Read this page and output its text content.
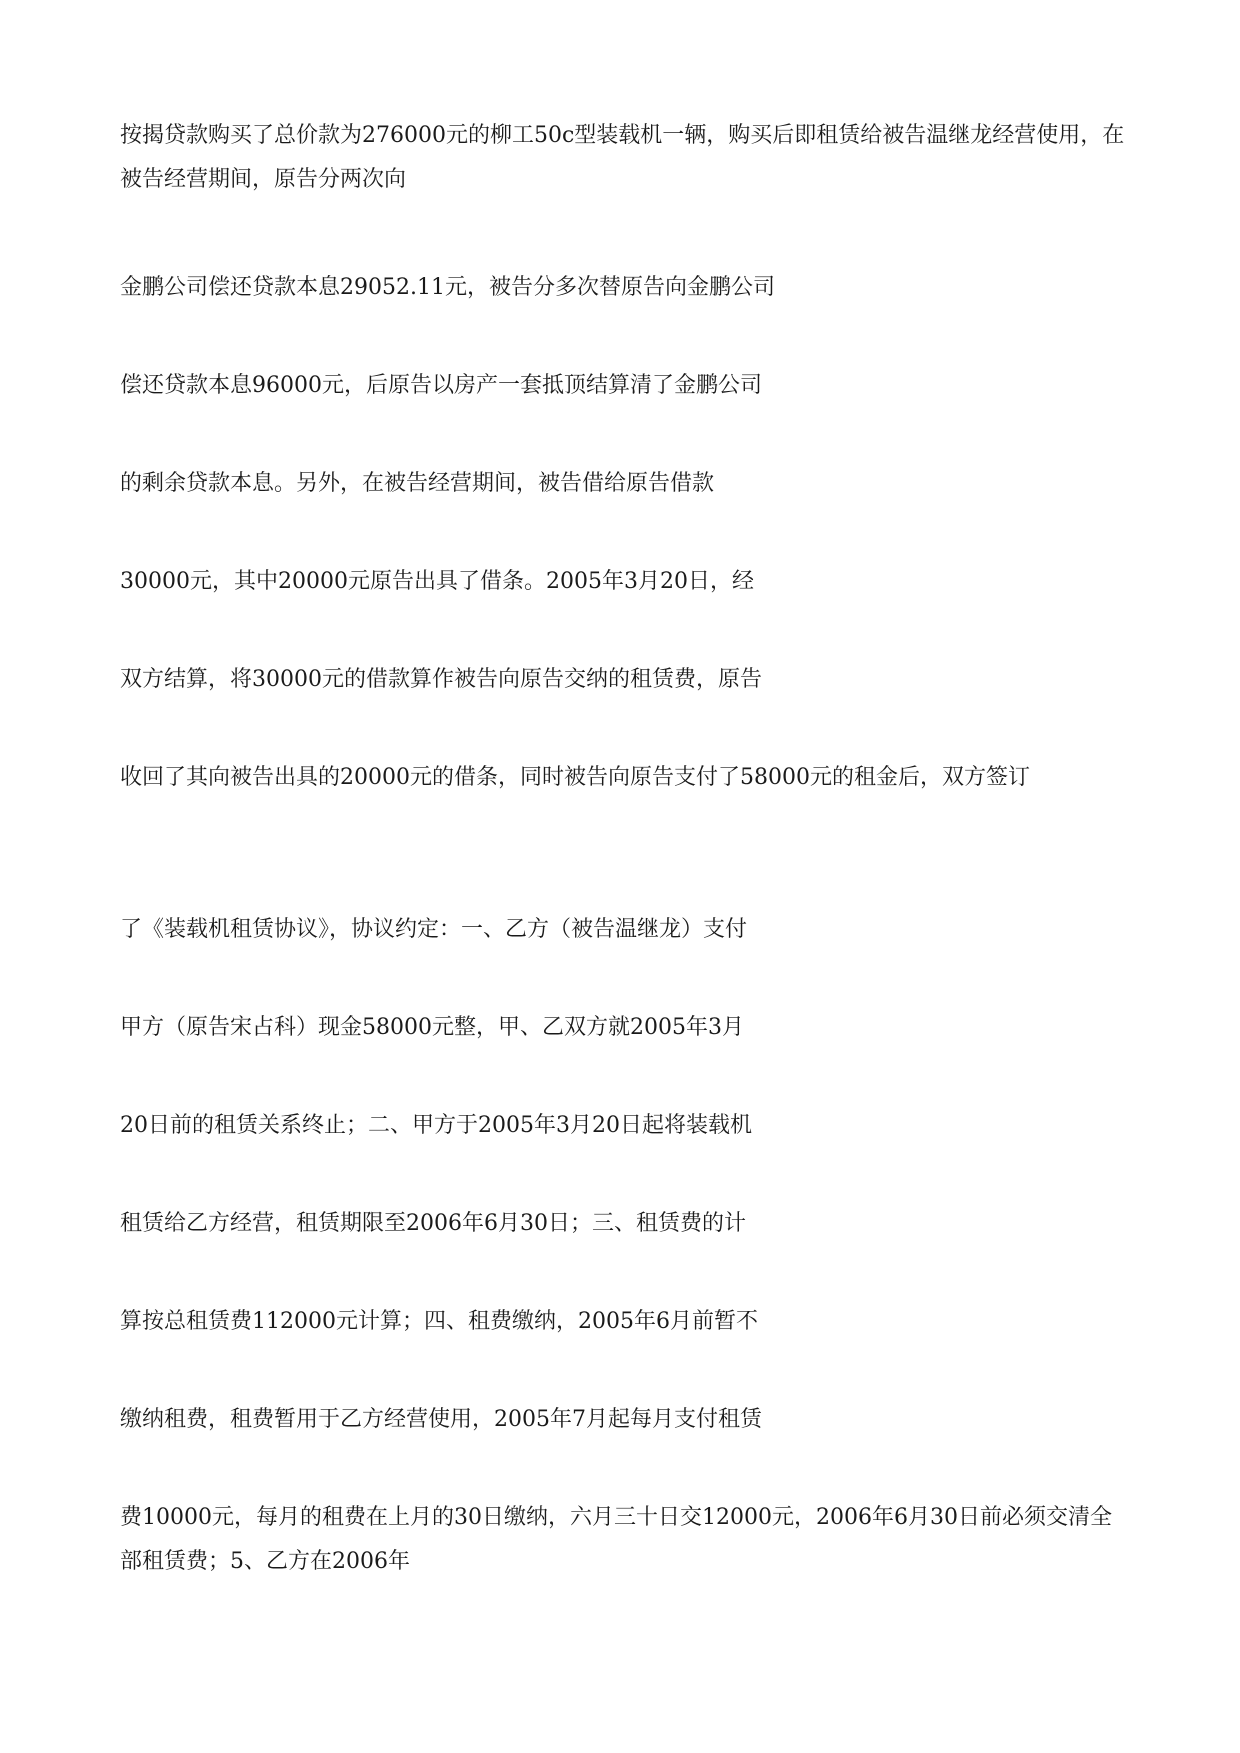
按揭贷款购买了总价款为276000元的柳工50c型装载机一辆，购买后即租赁给被告温继龙经营使用，在被告经营期间，原告分两次向

金鹏公司偿还贷款本息29052.11元，被告分多次替原告向金鹏公司

偿还贷款本息96000元，后原告以房产一套抵顶结算清了金鹏公司

的剩余贷款本息。另外，在被告经营期间，被告借给原告借款

30000元，其中20000元原告出具了借条。2005年3月20日，经

双方结算，将30000元的借款算作被告向原告交纳的租赁费，原告

收回了其向被告出具的20000元的借条，同时被告向原告支付了58000元的租金后，双方签订

了《装载机租赁协议》，协议约定：一、乙方（被告温继龙）支付

甲方（原告宋占科）现金58000元整，甲、乙双方就2005年3月

20日前的租赁关系终止；二、甲方于2005年3月20日起将装载机

租赁给乙方经营，租赁期限至2006年6月30日；三、租赁费的计

算按总租赁费112000元计算；四、租费缴纳，2005年6月前暂不

缴纳租费，租费暂用于乙方经营使用，2005年7月起每月支付租赁

费10000元，每月的租费在上月的30日缴纳，六月三十日交12000元，2006年6月30日前必须交清全部租赁费；5、乙方在2006年
